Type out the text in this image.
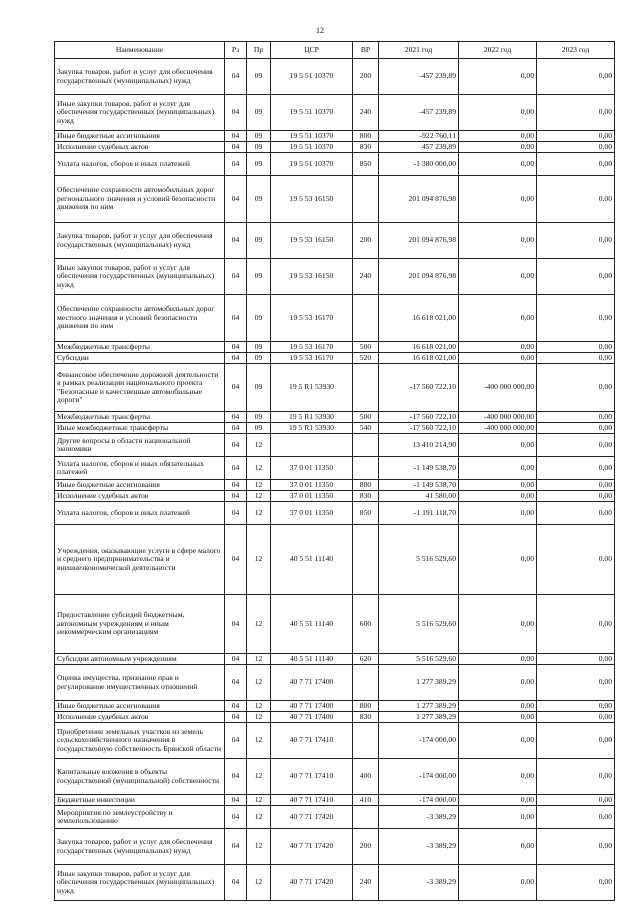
12
Наименование	Рз	Пр	ЦСР	ВР	2021 год	2022 год	2023 год
Закупка товаров, работ и услуг для обеспечения государственных (муниципальных) нужд	04	09	19 5 51 10370	200	-457 239,89	0,00	0,00
Иные закупки товаров, работ и услуг для обеспечения государственных (муниципальных) нужд	04	09	19 5 51 10370	240	-457 239,89	0,00	0,00
Иные бюджетные ассигнования	04	09	19 5 51 10370	800	-922 760,11	0,00	0,00
Исполнение судебных актов	04	09	19 5 51 10370	830	457 239,89	0,00	0,00
Уплата налогов, сборов и иных платежей	04	09	19 5 51 10370	850	-1 380 000,00	0,00	0,00
Обеспечение сохранности автомобильных дорог регионального значения и условий безопасности движения по ним	04	09	19 5 53 16150		201 094 876,98	0,00	0,00
Закупка товаров, работ и услуг для обеспечения государственных (муниципальных) нужд	04	09	19 5 53 16150	200	201 094 876,98	0,00	0,00
Иные закупки товаров, работ и услуг для обеспечения государственных (муниципальных) нужд	04	09	19 5 53 16150	240	201 094 876,98	0,00	0,00
Обеспечение сохранности автомобильных дорог местного значения и условий безопасности движения по ним	04	09	19 5 53 16170		16 618 021,00	0,00	0,00
Межбюджетные трансферты	04	09	19 5 53 16170	500	16 618 021,00	0,00	0,00
Субсидии	04	09	19 5 53 16170	520	16 618 021,00	0,00	0,00
Финансовое обеспечение дорожной деятельности в рамках реализации национального проекта "Безопасные и качественные автомобильные дороги"	04	09	19 5 R1 53930		-17 560 722,10	-400 000 000,00	0,00
Межбюджетные трансферты	04	09	19 5 R1 53930	500	-17 560 722,10	-400 000 000,00	0,00
Иные межбюджетные трансферты	04	09	19 5 R1 53930	540	-17 560 722,10	-400 000 000,00	0,00
Другие вопросы в области национальной экономики	04	12			13 410 214,90	0,00	0,00
Уплата налогов, сборов и иных обязательных платежей	04	12	37 0 01 11350		-1 149 538,70	0,00	0,00
Иные бюджетные ассигнования	04	12	37 0 01 11350	800	-1 149 538,70	0,00	0,00
Исполнение судебных актов	04	12	37 0 01 11350	830	41 580,00	0,00	0,00
Уплата налогов, сборов и иных платежей	04	12	37 0 01 11350	850	-1 191 118,70	0,00	0,00
Учреждения, оказывающие услуги в сфере малого и среднего предпринимательства и внешнеэкономической деятельности	04	12	40 5 51 11140		5 516 529,60	0,00	0,00
Предоставление субсидий бюджетным, автономным учреждениям и иным некоммерческим организациям	04	12	40 5 51 11140	600	5 516 529,60	0,00	0,00
Субсидии автономным учреждениям	04	12	40 5 51 11140	620	5 516 529,60	0,00	0,00
Оценка имущества, признание прав и регулирование имущественных отношений	04	12	40 7 71 17400		1 277 389,29	0,00	0,00
Иные бюджетные ассигнования	04	12	40 7 71 17400	800	1 277 389,29	0,00	0,00
Исполнение судебных актов	04	12	40 7 71 17400	830	1 277 389,29	0,00	0,00
Приобретение земельных участков из земель сельскохозяйственного назначения в государственную собственность Брянской области	04	12	40 7 71 17410		-174 000,00	0,00	0,00
Капитальные вложения в объекты государственной (муниципальной) собственности	04	12	40 7 71 17410	400	-174 000,00	0,00	0,00
Бюджетные инвестиции	04	12	40 7 71 17410	410	-174 000,00	0,00	0,00
Мероприятия по землеустройству и землепользованию	04	12	40 7 71 17420		-3 389,29	0,00	0,00
Закупка товаров, работ и услуг для обеспечения государственных (муниципальных) нужд	04	12	40 7 71 17420	200	-3 389,29	0,00	0,00
Иные закупки товаров, работ и услуг для обеспечения государственных (муниципальных) нужд	04	12	40 7 71 17420	240	-3 389,29	0,00	0,00
